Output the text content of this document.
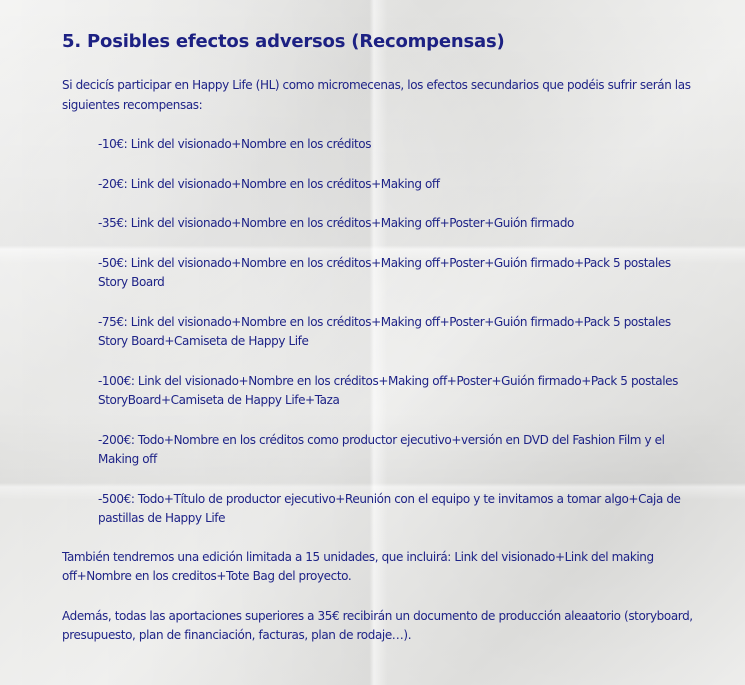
5. Posibles efectos adversos (Recompensas)

Si decicís participar en Happy Life (HL) como micromecenas, los efectos secundarios que podéis sufrir serán las siguientes recompensas:

-10€: Link del visionado+Nombre en los créditos
-20€: Link del visionado+Nombre en los créditos+Making off
-35€: Link del visionado+Nombre en los créditos+Making off+Poster+Guión firmado
-50€: Link del visionado+Nombre en los créditos+Making off+Poster+Guión firmado+Pack 5 postales Story Board
-75€: Link del visionado+Nombre en los créditos+Making off+Poster+Guión firmado+Pack 5 postales Story Board+Camiseta de Happy Life
-100€: Link del visionado+Nombre en los créditos+Making off+Poster+Guión firmado+Pack 5 postales StoryBoard+Camiseta de Happy Life+Taza
-200€: Todo+Nombre en los créditos como productor ejecutivo+versión en DVD del Fashion Film y el Making off
-500€: Todo+Título de productor ejecutivo+Reunión con el equipo y te invitamos a tomar algo+Caja de pastillas de Happy Life

También tendremos una edición limitada a 15 unidades, que incluirá: Link del visionado+Link del making off+Nombre en los creditos+Tote Bag del proyecto.

Además, todas las aportaciones superiores a 35€ recibirán un documento de producción aleaatorio (storyboard, presupuesto, plan de financiación, facturas, plan de rodaje…).
